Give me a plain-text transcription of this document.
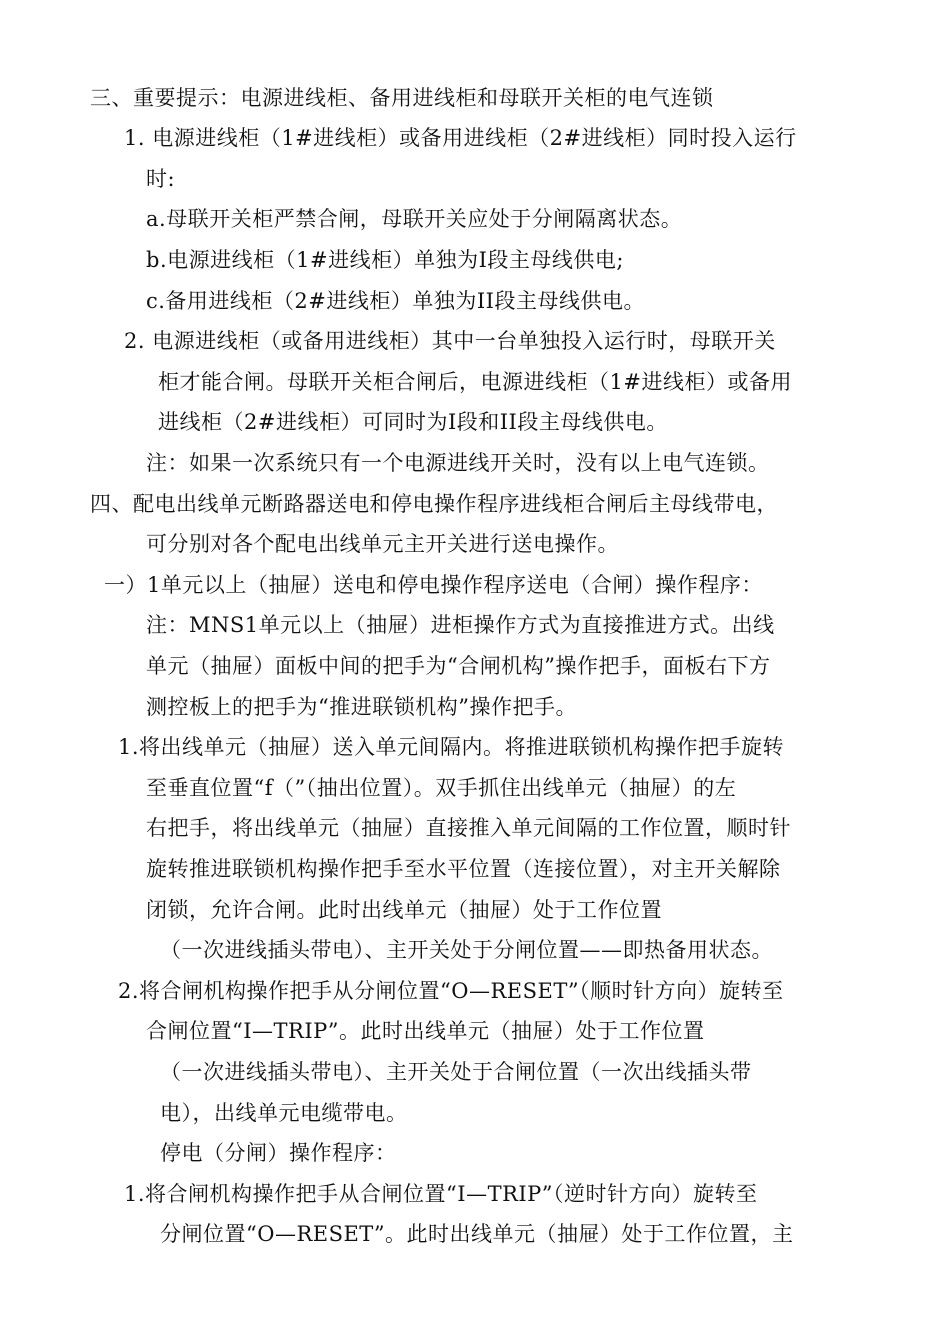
三、重要提示：电源进线柜、备用进线柜和母联开关柜的电气连锁
1. 电源进线柜（1#进线柜）或备用进线柜（2#进线柜）同时投入运行
时:
a.母联开关柜严禁合闸，母联开关应处于分闸隔离状态。
b.电源进线柜（1#进线柜）单独为Ⅰ段主母线供电;
c.备用进线柜（2#进线柜）单独为II段主母线供电。
2. 电源进线柜（或备用进线柜）其中一台单独投入运行时，母联开关
柜才能合闸。母联开关柜合闸后，电源进线柜（1#进线柜）或备用
进线柜（2#进线柜）可同时为Ⅰ段和II段主母线供电。
注：如果一次系统只有一个电源进线开关时，没有以上电气连锁。
四、配电出线单元断路器送电和停电操作程序进线柜合闸后主母线带电，
可分别对各个配电出线单元主开关进行送电操作。
一）1单元以上（抽屉）送电和停电操作程序送电（合闸）操作程序：
注：MNS1单元以上（抽屉）进柜操作方式为直接推进方式。出线
单元（抽屉）面板中间的把手为“合闸机构”操作把手，面板右下方
测控板上的把手为“推进联锁机构”操作把手。
1.将出线单元（抽屉）送入单元间隔内。将推进联锁机构操作把手旋转
至垂直位置“f（”（抽出位置）。双手抓住出线单元（抽屉）的左
右把手，将出线单元（抽屉）直接推入单元间隔的工作位置，顺时针
旋转推进联锁机构操作把手至水平位置（连接位置），对主开关解除
闭锁，允许合闸。此时出线单元（抽屉）处于工作位置
（一次进线插头带电）、主开关处于分闸位置——即热备用状态。
2.将合闸机构操作把手从分闸位置“O—RESET”（顺时针方向）旋转至
合闸位置“I—TRIP”。此时出线单元（抽屉）处于工作位置
（一次进线插头带电）、主开关处于合闸位置（一次出线插头带
电），出线单元电缆带电。
停电（分闸）操作程序：
1.将合闸机构操作把手从合闸位置“I—TRIP”（逆时针方向）旋转至
分闸位置“O—RESET”。此时出线单元（抽屉）处于工作位置，主
